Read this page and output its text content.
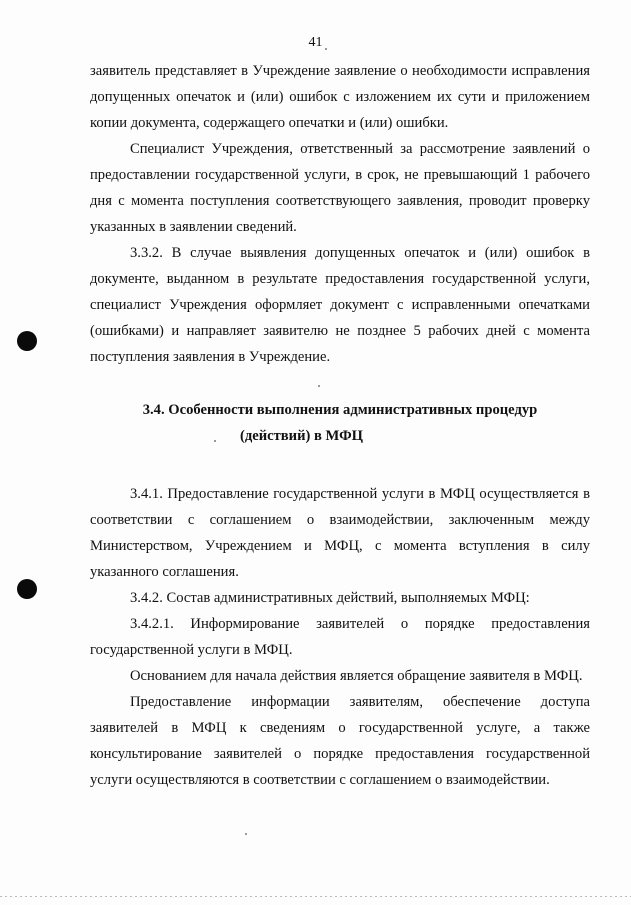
41

заявитель представляет в Учреждение заявление о необходимости исправления допущенных опечаток и (или) ошибок с изложением их сути и приложением копии документа, содержащего опечатки и (или) ошибки.

Специалист Учреждения, ответственный за рассмотрение заявлений о предоставлении государственной услуги, в срок, не превышающий 1 рабочего дня с момента поступления соответствующего заявления, проводит проверку указанных в заявлении сведений.

3.3.2. В случае выявления допущенных опечаток и (или) ошибок в документе, выданном в результате предоставления государственной услуги, специалист Учреждения оформляет документ с исправленными опечатками (ошибками) и направляет заявителю не позднее 5 рабочих дней с момента поступления заявления в Учреждение.

3.4. Особенности выполнения административных процедур
(действий) в МФЦ

3.4.1. Предоставление государственной услуги в МФЦ осуществляется в соответствии с соглашением о взаимодействии, заключенным между Министерством, Учреждением и МФЦ, с момента вступления в силу указанного соглашения.

3.4.2. Состав административных действий, выполняемых МФЦ:

3.4.2.1. Информирование заявителей о порядке предоставления государственной услуги в МФЦ.

Основанием для начала действия является обращение заявителя в МФЦ.

Предоставление информации заявителям, обеспечение доступа заявителей в МФЦ к сведениям о государственной услуге, а также консультирование заявителей о порядке предоставления государственной услуги осуществляются в соответствии с соглашением о взаимодействии.
